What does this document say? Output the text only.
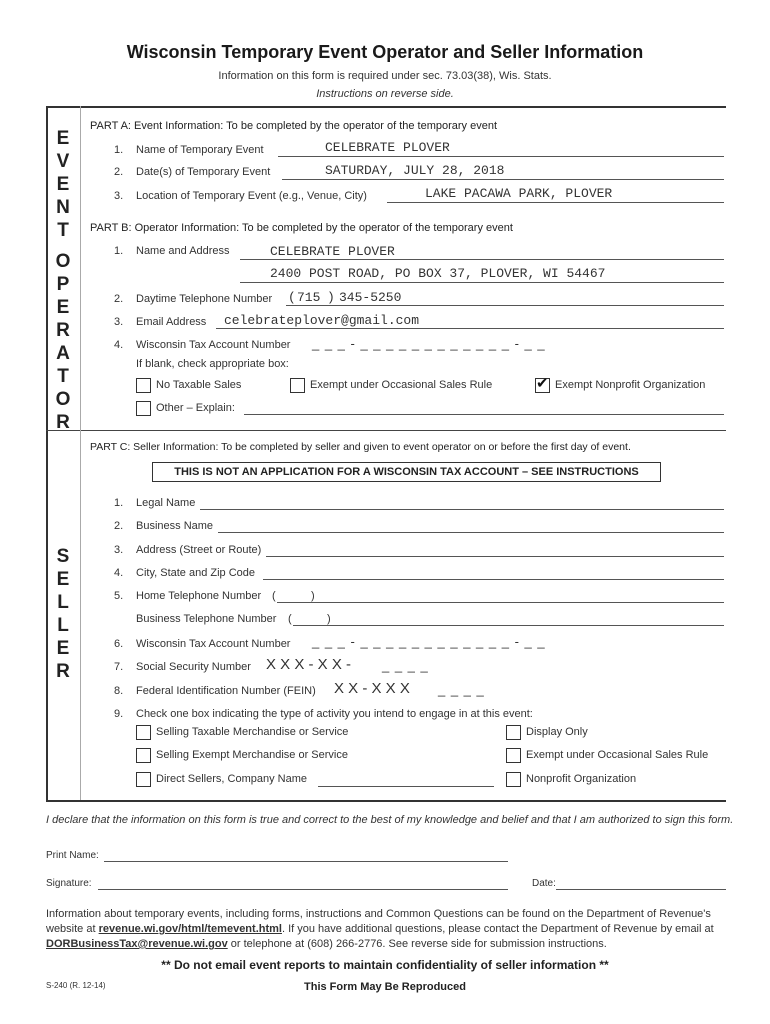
Wisconsin Temporary Event Operator and Seller Information
Information on this form is required under sec. 73.03(38), Wis. Stats.
Instructions on reverse side.
E
V
E
N
T
O
P
E
R
A
T
O
R
S
E
L
L
E
R
PART A: Event Information: To be completed by the operator of the temporary event
1. Name of Temporary Event	CELEBRATE PLOVER
2. Date(s) of Temporary Event	SATURDAY, JULY 28, 2018
3. Location of Temporary Event (e.g., Venue, City)	LAKE PACAWA PARK, PLOVER
PART B: Operator Information: To be completed by the operator of the temporary event
1. Name and Address	CELEBRATE PLOVER
2400 POST ROAD, PO BOX 37, PLOVER, WI 54467
2. Daytime Telephone Number ( 715 ) 345-5250
3. Email Address celebrateplover@gmail.com
4. Wisconsin Tax Account Number _ _ _ - _ _ _ _ _ _ _ _ _ _ _ _ - _ _
If blank, check appropriate box:
No Taxable Sales	Exempt under Occasional Sales Rule	✔ Exempt Nonprofit Organization
Other – Explain:
PART C: Seller Information: To be completed by seller and given to event operator on or before the first day of event.
THIS IS NOT AN APPLICATION FOR A WISCONSIN TAX ACCOUNT – SEE INSTRUCTIONS
1. Legal Name
2. Business Name
3. Address (Street or Route)
4. City, State and Zip Code
5. Home Telephone Number (	)
Business Telephone Number (	)
6. Wisconsin Tax Account Number _ _ _ - _ _ _ _ _ _ _ _ _ _ _ _ - _ _
7. Social Security Number X X X - X X - _ _ _ _
8. Federal Identification Number (FEIN) X X - X X X _ _ _ _
9. Check one box indicating the type of activity you intend to engage in at this event:
Selling Taxable Merchandise or Service
Selling Exempt Merchandise or Service
Direct Sellers, Company Name
Display Only
Exempt under Occasional Sales Rule
Nonprofit Organization
I declare that the information on this form is true and correct to the best of my knowledge and belief and that I am authorized to sign this form.
Print Name:
Signature:	Date:
Information about temporary events, including forms, instructions and Common Questions can be found on the Department of Revenue's website at revenue.wi.gov/html/temevent.html. If you have additional questions, please contact the Department of Revenue by email at DORBusinessTax@revenue.wi.gov or telephone at (608) 266-2776. See reverse side for submission instructions.
** Do not email event reports to maintain confidentiality of seller information **
S-240 (R. 12-14)	This Form May Be Reproduced
